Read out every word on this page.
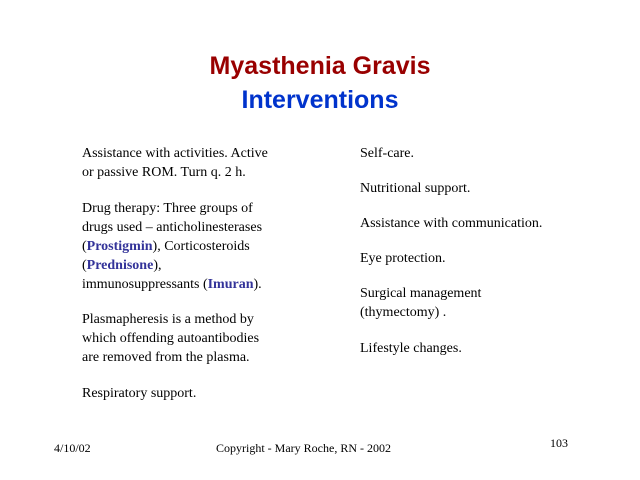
Myasthenia Gravis
Interventions

Assistance with activities. Active
or passive ROM. Turn q. 2 h.

Drug therapy: Three groups of
drugs used – anticholinesterases
(Prostigmin), Corticosteroids
(Prednisone),
immunosuppressants (Imuran).

Plasmapheresis is a method by
which offending autoantibodies
are removed from the plasma.

Respiratory support.

Self-care.

Nutritional support.

Assistance with communication.

Eye protection.

Surgical management
(thymectomy) .

Lifestyle changes.

4/10/02	Copyright - Mary Roche, RN - 2002	103
